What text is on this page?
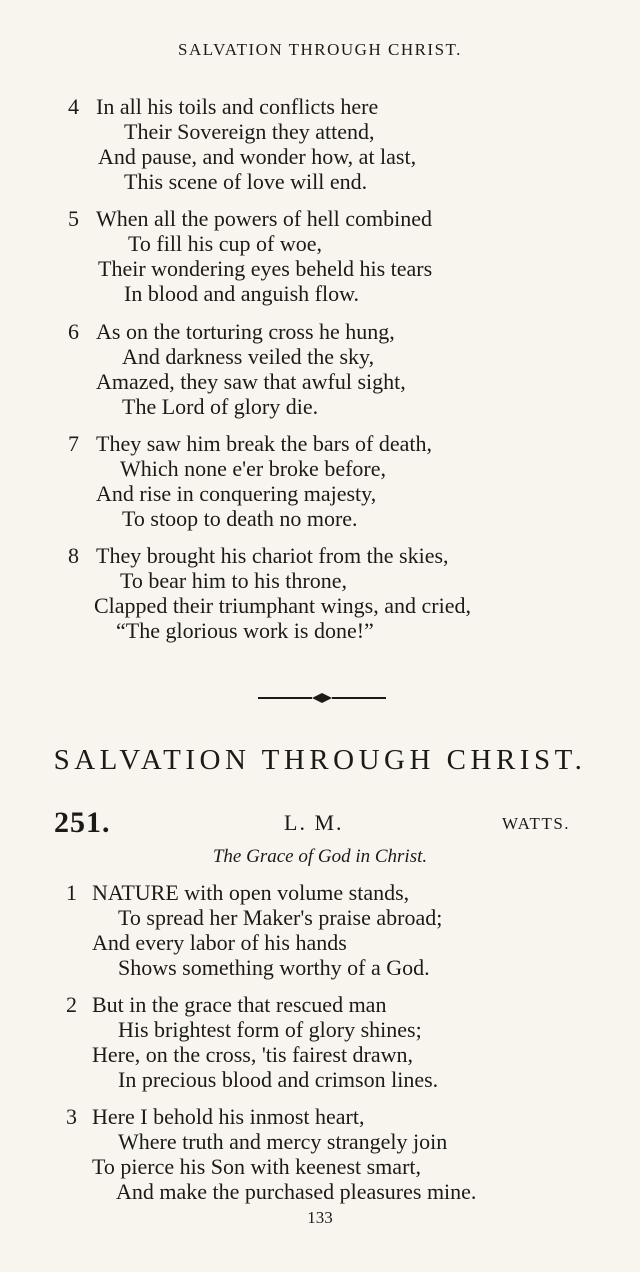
SALVATION THROUGH CHRIST.
4 In all his toils and conflicts here
Their Sovereign they attend,
And pause, and wonder how, at last,
This scene of love will end.
5 When all the powers of hell combined
To fill his cup of woe,
Their wondering eyes beheld his tears
In blood and anguish flow.
6 As on the torturing cross he hung,
And darkness veiled the sky,
Amazed, they saw that awful sight,
The Lord of glory die.
7 They saw him break the bars of death,
Which none e'er broke before,
And rise in conquering majesty,
To stoop to death no more.
8 They brought his chariot from the skies,
To bear him to his throne,
Clapped their triumphant wings, and cried,
“The glorious work is done!”
SALVATION THROUGH CHRIST.
251.	L. M.	WATTS.
The Grace of God in Christ.
1 NATURE with open volume stands,
To spread her Maker's praise abroad;
And every labor of his hands
Shows something worthy of a God.
2 But in the grace that rescued man
His brightest form of glory shines;
Here, on the cross, 'tis fairest drawn,
In precious blood and crimson lines.
3 Here I behold his inmost heart,
Where truth and mercy strangely join
To pierce his Son with keenest smart,
And make the purchased pleasures mine.
133
